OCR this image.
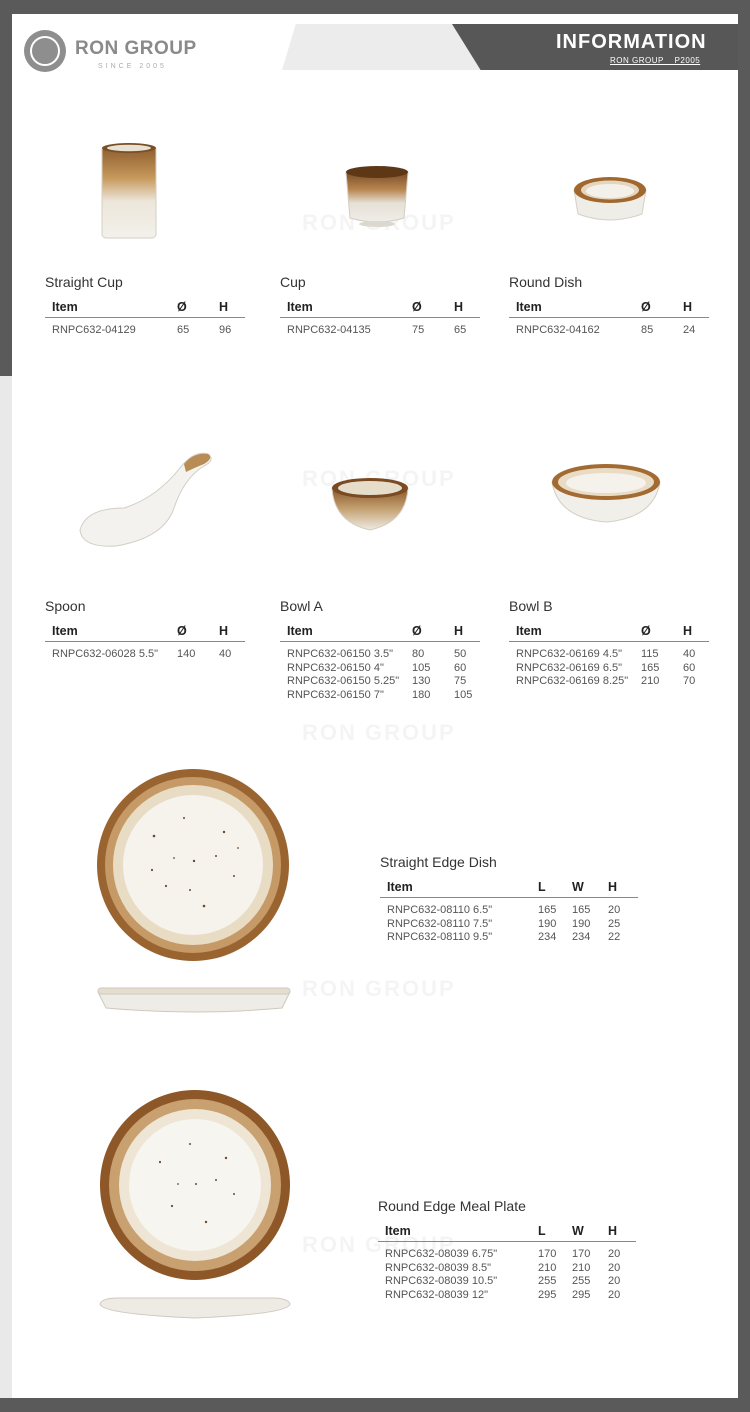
RON GROUP
SINCE 2005
INFORMATION
RON GROUP    P2005
Straight Cup
Item	Ø	H
RNPC632-04129	65	96
Cup
Item	Ø	H
RNPC632-04135	75	65
Round Dish
Item	Ø	H
RNPC632-04162	85	24
Spoon
Item	Ø	H
RNPC632-06028 5.5"	140	40
Bowl A
Item	Ø	H
RNPC632-06150 3.5"	80	50
RNPC632-06150 4"	105	60
RNPC632-06150 5.25"	130	75
RNPC632-06150 7"	180	105
Bowl B
Item	Ø	H
RNPC632-06169 4.5"	115	40
RNPC632-06169 6.5"	165	60
RNPC632-06169 8.25"	210	70
Straight Edge Dish
Item	L	W	H
RNPC632-08110 6.5"	165	165	20
RNPC632-08110 7.5"	190	190	25
RNPC632-08110 9.5"	234	234	22
Round Edge Meal Plate
Item	L	W	H
RNPC632-08039 6.75"	170	170	20
RNPC632-08039 8.5"	210	210	20
RNPC632-08039 10.5"	255	255	20
RNPC632-08039 12"	295	295	20
